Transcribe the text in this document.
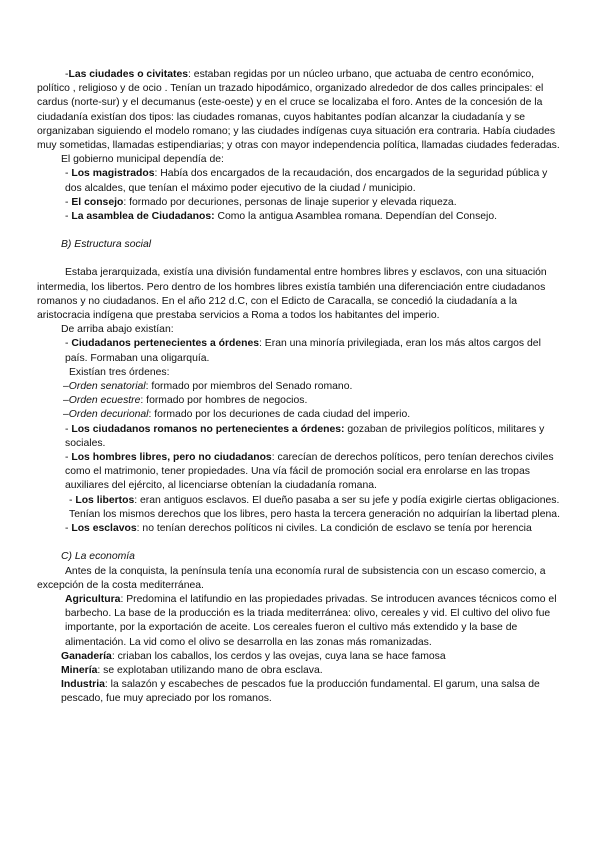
-Las ciudades o civitates: estaban regidas por un núcleo urbano, que actuaba de centro económico, político , religioso y de ocio . Tenían un trazado hipodámico, organizado alrededor de dos calles principales: el cardus (norte-sur) y el decumanus (este-oeste) y en el cruce se localizaba el foro. Antes de la concesión de la ciudadanía existían dos tipos: las ciudades romanas, cuyos habitantes podían alcanzar la ciudadanía y se organizaban siguiendo el modelo romano; y las ciudades indígenas cuya situación era contraria. Había ciudades muy sometidas, llamadas estipendiarias; y otras con mayor independencia política, llamadas ciudades federadas.

El gobierno municipal dependía de:

- Los magistrados: Había dos encargados de la recaudación, dos encargados de la seguridad pública y dos alcaldes, que tenían el máximo poder ejecutivo de la ciudad / municipio.

- El consejo: formado por decuriones, personas de linaje superior y elevada riqueza.

- La asamblea de Ciudadanos: Como la antigua Asamblea romana. Dependían del Consejo.

B) Estructura social

Estaba jerarquizada, existía una división fundamental entre hombres libres y esclavos, con una situación intermedia, los libertos. Pero dentro de los hombres libres existía también una diferenciación entre ciudadanos romanos y no ciudadanos. En el año 212 d.C, con el Edicto de Caracalla, se concedió la ciudadanía a la aristocracia indígena que prestaba servicios a Roma a todos los habitantes del imperio.

De arriba abajo existían:

- Ciudadanos pertenecientes a órdenes: Eran una minoría privilegiada, eran los más altos cargos del país. Formaban una oligarquía.

Existían tres órdenes:

–Orden senatorial: formado por miembros del Senado romano.

–Orden ecuestre: formado por hombres de negocios.

–Orden decurional: formado por los decuriones de cada ciudad del imperio.

- Los ciudadanos romanos no pertenecientes a órdenes: gozaban de privilegios políticos, militares y sociales.

- Los hombres libres, pero no ciudadanos: carecían de derechos políticos, pero tenían derechos civiles como el matrimonio, tener propiedades. Una vía fácil de promoción social era enrolarse en las tropas auxiliares del ejército, al licenciarse obtenían la ciudadanía romana.

- Los libertos: eran antiguos esclavos. El dueño pasaba a ser su jefe y podía exigirle ciertas obligaciones. Tenían los mismos derechos que los libres, pero hasta la tercera generación no adquirían la libertad plena.

- Los esclavos: no tenían derechos políticos ni civiles. La condición de esclavo se tenía por herencia

C) La economía

Antes de la conquista, la península tenía una economía rural de subsistencia con un escaso comercio, a excepción de la costa mediterránea.

Agricultura: Predomina el latifundio en las propiedades privadas. Se introducen avances técnicos como el barbecho. La base de la producción es la triada mediterránea: olivo, cereales y vid. El cultivo del olivo fue importante, por la exportación de aceite. Los cereales fueron el cultivo más extendido y la base de alimentación. La vid como el olivo se desarrolla en las zonas más romanizadas.

Ganadería: criaban los caballos, los cerdos y las ovejas, cuya lana se hace famosa

Minería: se explotaban utilizando mano de obra esclava.

Industria: la salazón y escabeches de pescados fue la producción fundamental. El garum, una salsa de pescado, fue muy apreciado por los romanos.
